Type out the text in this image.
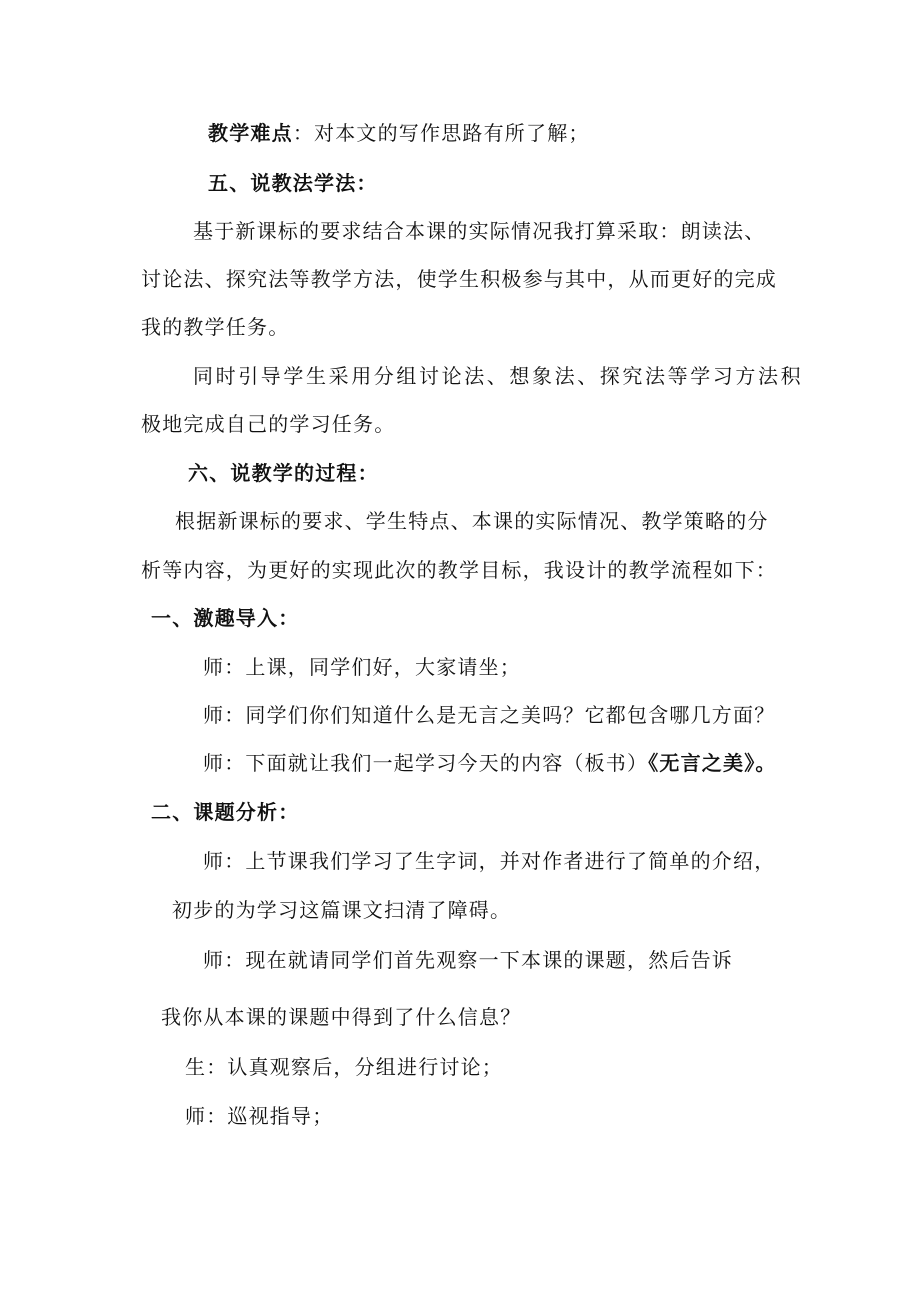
教学难点：对本文的写作思路有所了解；
五、说教法学法：
基于新课标的要求结合本课的实际情况我打算采取：朗读法、
讨论法、探究法等教学方法，使学生积极参与其中，从而更好的完成
我的教学任务。
同时引导学生采用分组讨论法、想象法、探究法等学习方法积
极地完成自己的学习任务。
六、说教学的过程：
根据新课标的要求、学生特点、本课的实际情况、教学策略的分
析等内容，为更好的实现此次的教学目标，我设计的教学流程如下：
一、激趣导入：
师：上课，同学们好，大家请坐；
师：同学们你们知道什么是无言之美吗？它都包含哪几方面？
师：下面就让我们一起学习今天的内容（板书）《无言之美》。
二、课题分析：
师：上节课我们学习了生字词，并对作者进行了简单的介绍，
初步的为学习这篇课文扫清了障碍。
师：现在就请同学们首先观察一下本课的课题，然后告诉
我你从本课的课题中得到了什么信息？
生：认真观察后，分组进行讨论；
师：巡视指导；
